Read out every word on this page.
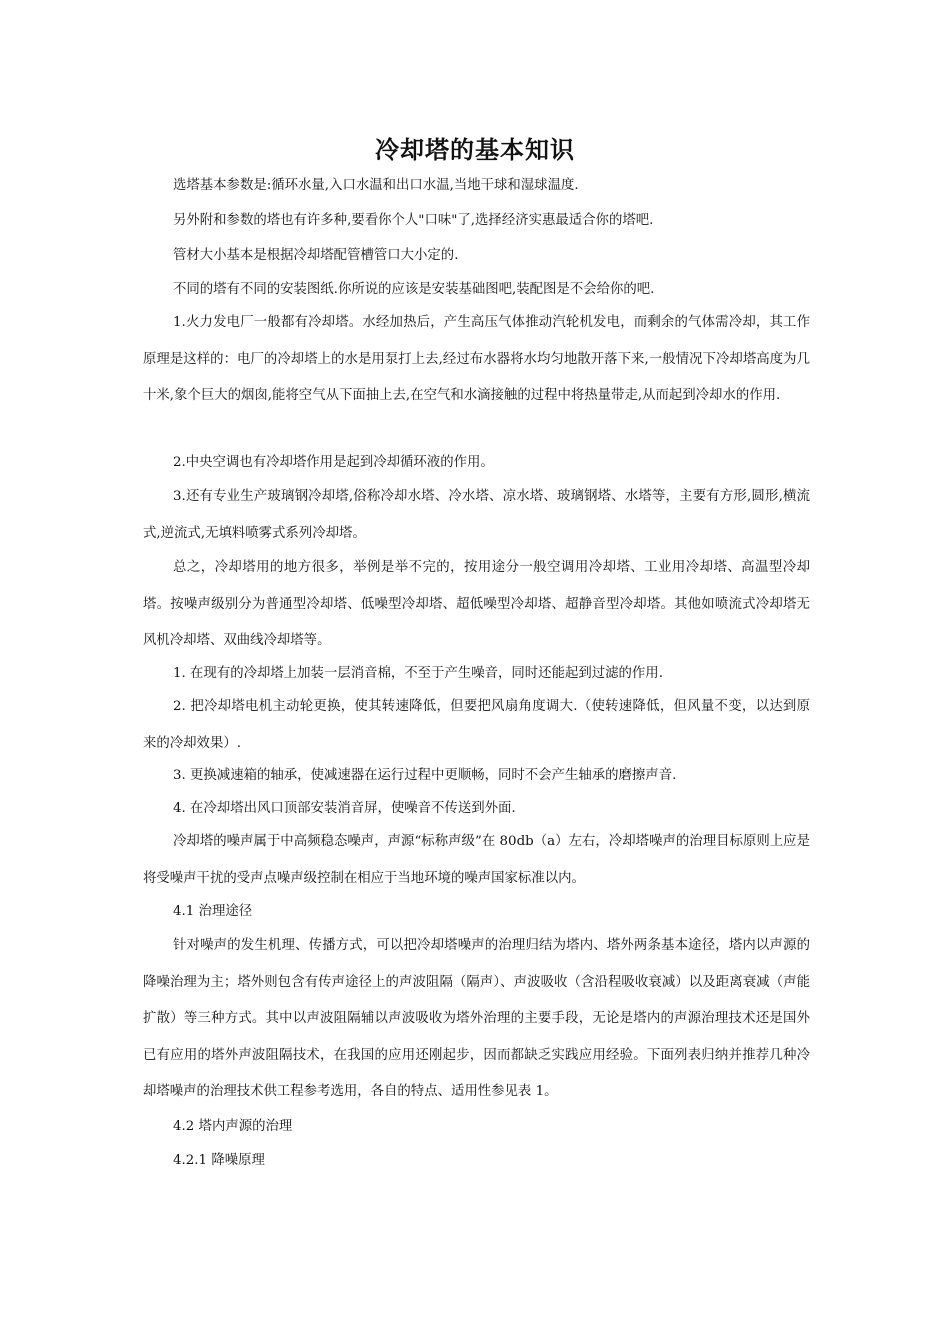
冷却塔的基本知识

选塔基本参数是:循环水量,入口水温和出口水温,当地干球和湿球温度.

另外附和参数的塔也有许多种,要看你个人"口味"了,选择经济实惠最适合你的塔吧.

管材大小基本是根据冷却塔配管槽管口大小定的.

不同的塔有不同的安装图纸.你所说的应该是安装基础图吧,装配图是不会给你的吧.

1.火力发电厂一般都有冷却塔。水经加热后，产生高压气体推动汽轮机发电，而剩余的气体需冷却，其工作原理是这样的：电厂的冷却塔上的水是用泵打上去,经过布水器将水均匀地散开落下来,一般情况下冷却塔高度为几十米,象个巨大的烟囱,能将空气从下面抽上去,在空气和水滴接触的过程中将热量带走,从而起到冷却水的作用.

2.中央空调也有冷却塔作用是起到冷却循环液的作用。

3.还有专业生产玻璃钢冷却塔,俗称冷却水塔、冷水塔、凉水塔、玻璃钢塔、水塔等，主要有方形,圆形,横流式,逆流式,无填料喷雾式系列冷却塔。

总之，冷却塔用的地方很多，举例是举不完的，按用途分一般空调用冷却塔、工业用冷却塔、高温型冷却塔。按噪声级别分为普通型冷却塔、低噪型冷却塔、超低噪型冷却塔、超静音型冷却塔。其他如喷流式冷却塔无风机冷却塔、双曲线冷却塔等。

1. 在现有的冷却塔上加装一层消音棉，不至于产生噪音，同时还能起到过滤的作用.

2. 把冷却塔电机主动轮更换，使其转速降低，但要把风扇角度调大.（使转速降低，但风量不变，以达到原来的冷却效果）.

3. 更换减速箱的轴承，使减速器在运行过程中更顺畅，同时不会产生轴承的磨擦声音.

4. 在冷却塔出风口顶部安装消音屏，使噪音不传送到外面.

冷却塔的噪声属于中高频稳态噪声，声源“标称声级”在 80db（a）左右，冷却塔噪声的治理目标原则上应是将受噪声干扰的受声点噪声级控制在相应于当地环境的噪声国家标准以内。

4.1 治理途径

针对噪声的发生机理、传播方式，可以把冷却塔噪声的治理归结为塔内、塔外两条基本途径，塔内以声源的降噪治理为主；塔外则包含有传声途径上的声波阻隔（隔声）、声波吸收（含沿程吸收衰减）以及距离衰减（声能扩散）等三种方式。其中以声波阻隔辅以声波吸收为塔外治理的主要手段，无论是塔内的声源治理技术还是国外已有应用的塔外声波阻隔技术，在我国的应用还刚起步，因而都缺乏实践应用经验。下面列表归纳并推荐几种冷却塔噪声的治理技术供工程参考选用，各自的特点、适用性参见表 1。

4.2 塔内声源的治理

4.2.1 降噪原理
